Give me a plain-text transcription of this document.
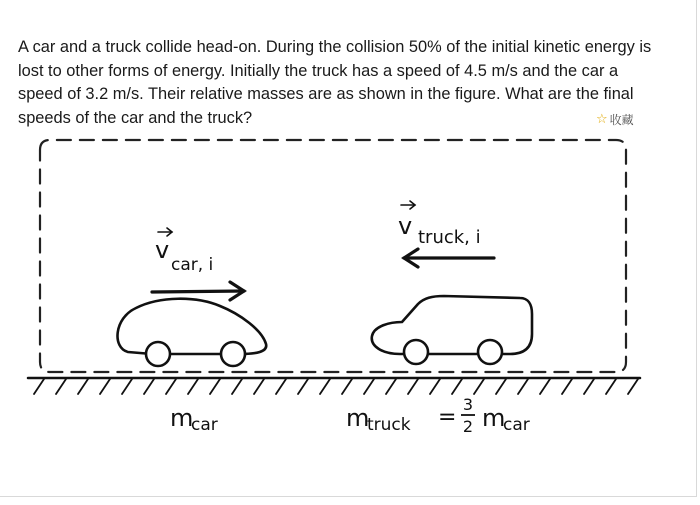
A car and a truck collide head-on. During the collision 50% of the initial kinetic energy is lost to other forms of energy. Initially the truck has a speed of 4.5 m/s and the car a speed of 3.2 m/s. Their relative masses are as shown in the figure. What are the final speeds of the car and the truck?	☆ 收藏
v
car, i
v truck, i
m
car	m
truck =
3
2 m
car
